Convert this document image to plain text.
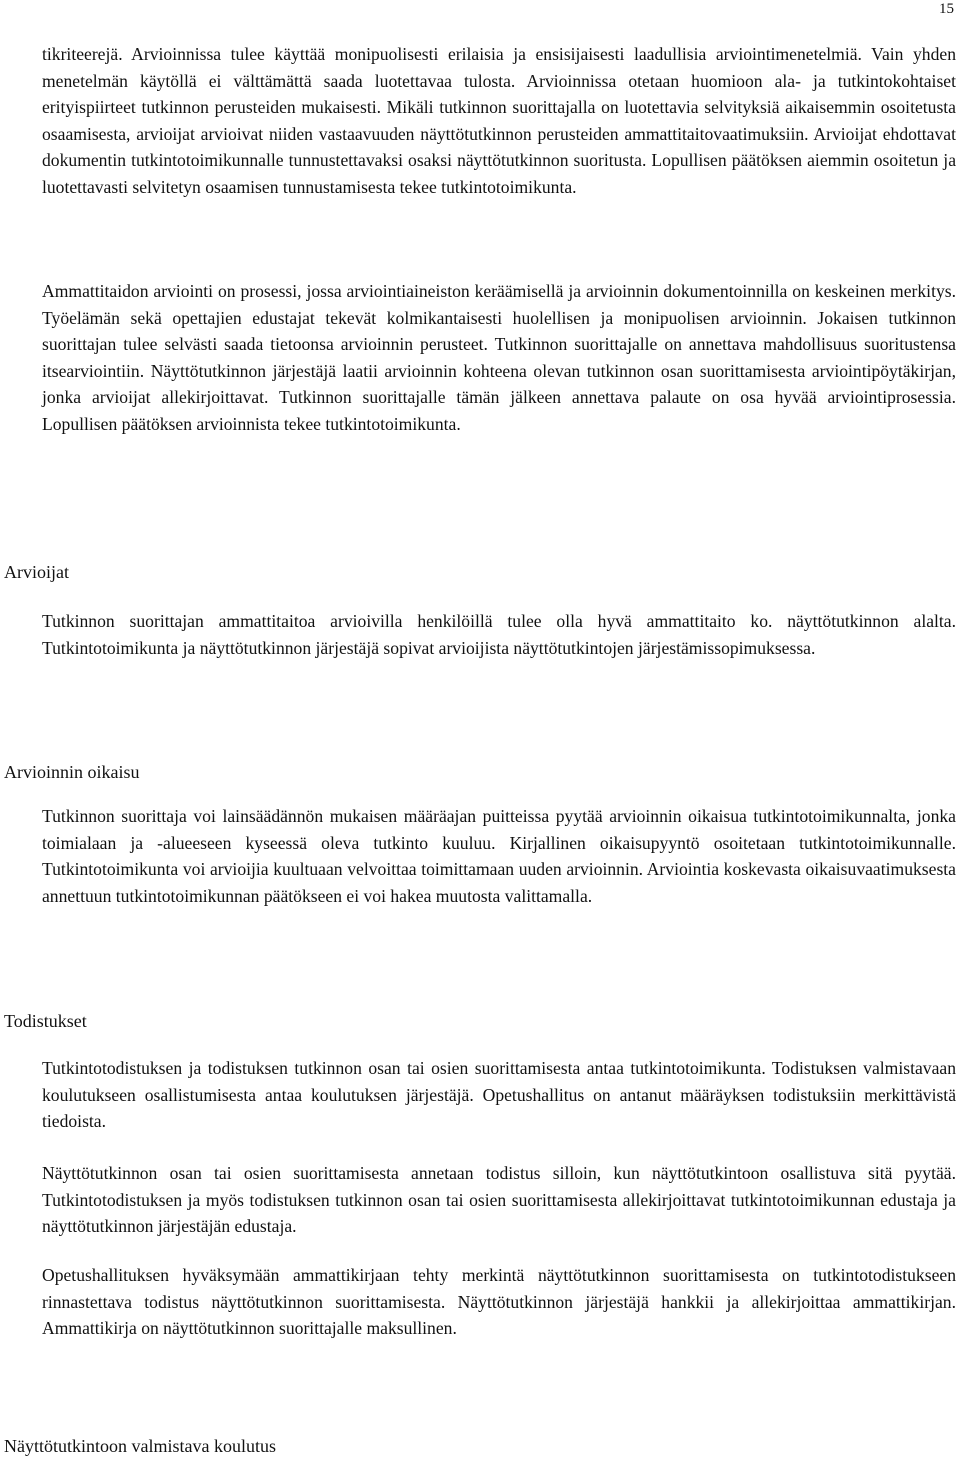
15

tikriteerejä. Arvioinnissa tulee käyttää monipuolisesti erilaisia ja ensisijaisesti laadullisia arviointimenetelmiä. Vain yhden menetelmän käytöllä ei välttämättä saada luotettavaa tulosta. Arvioinnissa otetaan huomioon ala- ja tutkintokohtaiset erityispiirteet tutkinnon perusteiden mukaisesti. Mikäli tutkinnon suorittajalla on luotettavia selvityksiä aikaisemmin osoitetusta osaamisesta, arvioijat arvioivat niiden vastaavuuden näyttötutkinnon perusteiden ammattitaitovaatimuksiin. Arvioijat ehdottavat dokumentin tutkintotoimikunnalle tunnustettavaksi osaksi näyttötutkinnon suoritusta. Lopullisen päätöksen aiemmin osoitetun ja luotettavasti selvitetyn osaamisen tunnustamisesta tekee tutkintotoimikunta.

Ammattitaidon arviointi on prosessi, jossa arviointiaineiston keräämisellä ja arvioinnin dokumentoinnilla on keskeinen merkitys. Työelämän sekä opettajien edustajat tekevät kolmikantaisesti huolellisen ja monipuolisen arvioinnin. Jokaisen tutkinnon suorittajan tulee selvästi saada tietoonsa arvioinnin perusteet. Tutkinnon suorittajalle on annettava mahdollisuus suoritustensa itsearviointiin. Näyttötutkinnon järjestäjä laatii arvioinnin kohteena olevan tutkinnon osan suorittamisesta arviointipöytäkirjan, jonka arvioijat allekirjoittavat. Tutkinnon suorittajalle tämän jälkeen annettava palaute on osa hyvää arviointiprosessia. Lopullisen päätöksen arvioinnista tekee tutkintotoimikunta.

Arvioijat

Tutkinnon suorittajan ammattitaitoa arvioivilla henkilöillä tulee olla hyvä ammattitaito ko. näyttötutkinnon alalta. Tutkintotoimikunta ja näyttötutkinnon järjestäjä sopivat arvioijista näyttötutkintojen järjestämissopimuksessa.

Arvioinnin oikaisu

Tutkinnon suorittaja voi lainsäädännön mukaisen määräajan puitteissa pyytää arvioinnin oikaisua tutkintotoimikunnalta, jonka toimialaan ja -alueeseen kyseessä oleva tutkinto kuuluu. Kirjallinen oikaisupyyntö osoitetaan tutkintotoimikunnalle. Tutkintotoimikunta voi arvioijia kuultuaan velvoittaa toimittamaan uuden arvioinnin. Arviointia koskevasta oikaisuvaatimuksesta annettuun tutkintotoimikunnan päätökseen ei voi hakea muutosta valittamalla.

Todistukset

Tutkintotodistuksen ja todistuksen tutkinnon osan tai osien suorittamisesta antaa tutkintotoimikunta. Todistuksen valmistavaan koulutukseen osallistumisesta antaa koulutuksen järjestäjä. Opetushallitus on antanut määräyksen todistuksiin merkittävistä tiedoista.

Näyttötutkinnon osan tai osien suorittamisesta annetaan todistus silloin, kun näyttötutkintoon osallistuva sitä pyytää. Tutkintotodistuksen ja myös todistuksen tutkinnon osan tai osien suorittamisesta allekirjoittavat tutkintotoimikunnan edustaja ja näyttötutkinnon järjestäjän edustaja.

Opetushallituksen hyväksymään ammattikirjaan tehty merkintä näyttötutkinnon suorittamisesta on tutkintotodistukseen rinnastettava todistus näyttötutkinnon suorittamisesta. Näyttötutkinnon järjestäjä hankkii ja allekirjoittaa ammattikirjan. Ammattikirja on näyttötutkinnon suorittajalle maksullinen.

Näyttötutkintoon valmistava koulutus
